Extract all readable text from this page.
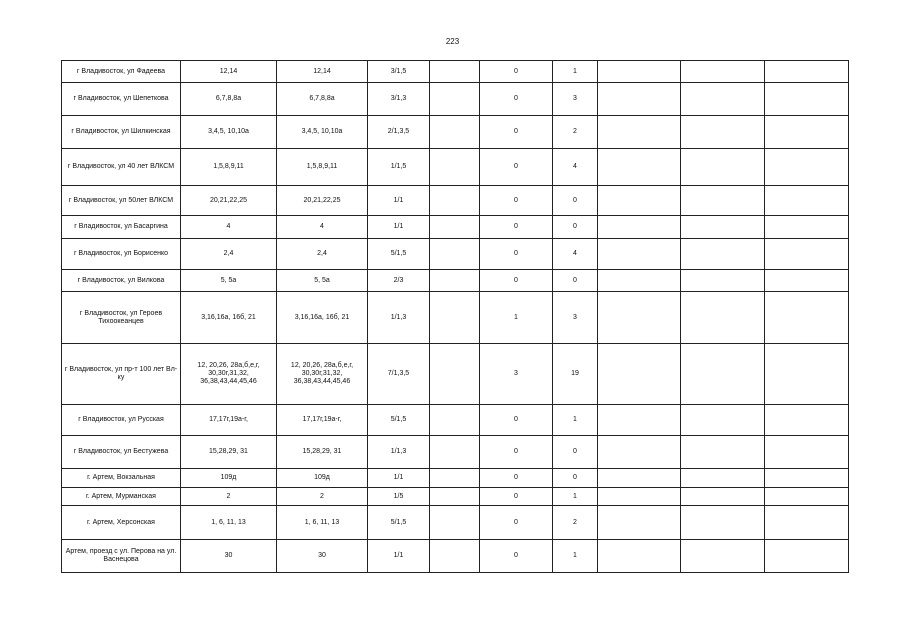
223
г Владивосток, ул Фадеева	12,14	12,14	3/1,5		0	1			
г Владивосток, ул Шепеткова	6,7,8,8а	6,7,8,8а	3/1,3		0	3			
г Владивосток, ул Шилкинская	3,4,5, 10,10а	3,4,5, 10,10а	2/1,3,5		0	2			
г Владивосток, ул 40 лет ВЛКСМ	1,5,8,9,11	1,5,8,9,11	1/1,5		0	4			
г Владивосток, ул 50лет ВЛКСМ	20,21,22,25	20,21,22,25	1/1		0	0			
г Владивосток, ул Басаргина	4	4	1/1		0	0			
г Владивосток, ул Борисенко	2,4	2,4	5/1,5		0	4			
г Владивосток, ул Вилкова	5, 5а	5, 5а	2/3		0	0			
г Владивосток, ул Героев Тихоокеанцев	3,16,16а, 16б, 21	3,16,16а, 16б, 21	1/1,3		1	3			
г Владивосток, ул пр-т 100 лет Вл-ку	12, 20,26, 28а,б,е,г, 30,30г,31,32, 36,38,43,44,45,46	12, 20,26, 28а,б,е,г, 30,30г,31,32, 36,38,43,44,45,46	7/1,3,5		3	19			
г Владивосток, ул Русская	17,17г,19а-г,	17,17г,19а-г,	5/1,5		0	1			
г Владивосток, ул Бестужева	15,28,29, 31	15,28,29, 31	1/1,3		0	0			
г. Артем, Вокзальная	109д	109д	1/1		0	0			
г. Артем, Мурманская	2	2	1/5		0	1			
г. Артем, Херсонская	1, 6, 11, 13	1, 6, 11, 13	5/1,5		0	2			
Артем, проезд с ул. Перова на ул. Васнецова	30	30	1/1		0	1			
